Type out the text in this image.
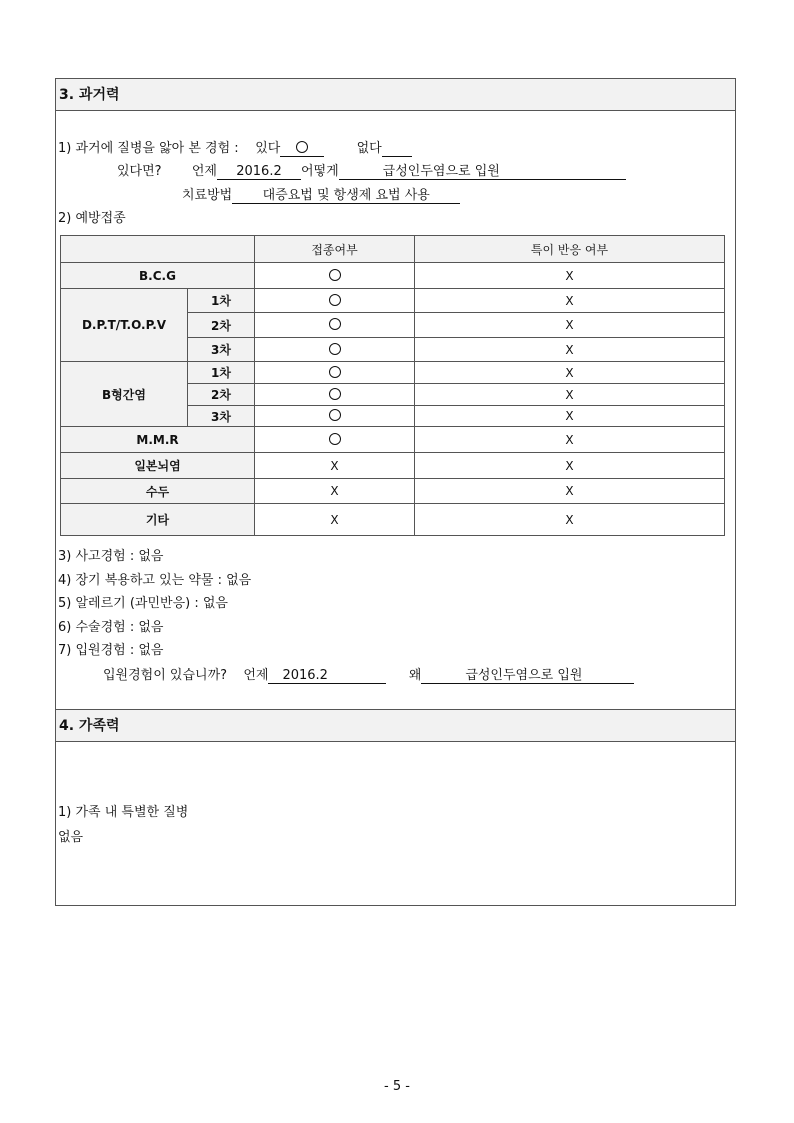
3. 과거력
1) 과거에 질병을 앓아 본 경험 : 있다	없다
있다면? 언제 2016.2 어떻게	급성인두염으로 입원
치료방법 대증요법 및 항생제 요법 사용
2) 예방접종
		접종여부	특이 반응 여부
B.C.G			X
D.P.T/T.O.P.V	1차		X
	2차		X
	3차		X
B형간염	1차		X
	2차		X
	3차		X
M.M.R			X
일본뇌염		X	X
수두		X	X
기타		X	X
3) 사고경험 : 없음
4) 장기 복용하고 있는 약물 : 없음
5) 알레르기 (과민반응) : 없음
6) 수술경험 : 없음
7) 입원경험 : 없음
입원경험이 있습니까? 언제 2016.2	왜	급성인두염으로 입원
4. 가족력
1) 가족 내 특별한 질병
없음
- 5 -
